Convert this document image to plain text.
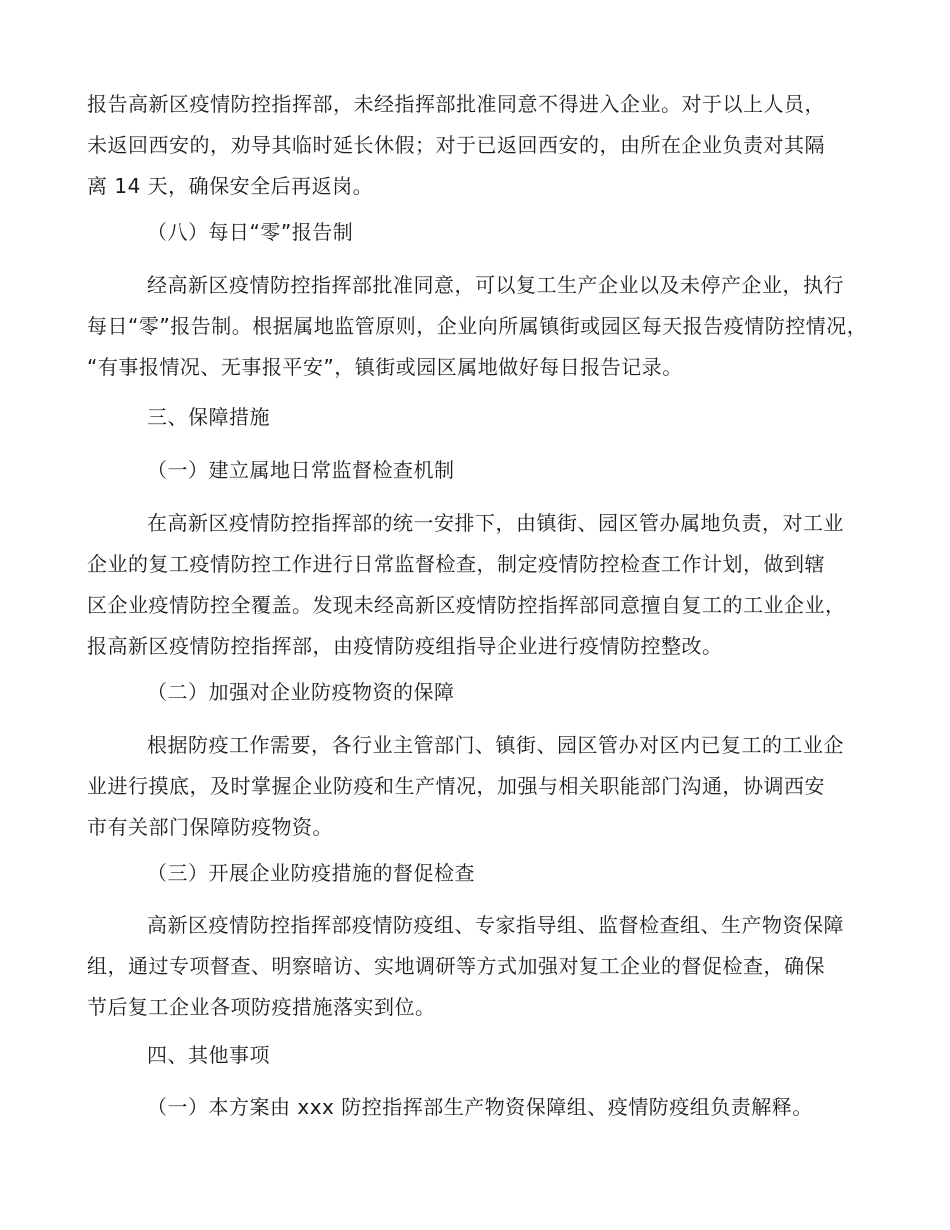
报告高新区疫情防控指挥部，未经指挥部批准同意不得进入企业。对于以上人员，
未返回西安的，劝导其临时延长休假；对于已返回西安的，由所在企业负责对其隔
离 14 天，确保安全后再返岗。

（八）每日“零”报告制

经高新区疫情防控指挥部批准同意，可以复工生产企业以及未停产企业，执行
每日“零”报告制。根据属地监管原则，企业向所属镇街或园区每天报告疫情防控情况，
“有事报情况、无事报平安”，镇街或园区属地做好每日报告记录。

三、保障措施

（一）建立属地日常监督检查机制

在高新区疫情防控指挥部的统一安排下，由镇街、园区管办属地负责，对工业
企业的复工疫情防控工作进行日常监督检查，制定疫情防控检查工作计划，做到辖
区企业疫情防控全覆盖。发现未经高新区疫情防控指挥部同意擅自复工的工业企业，
报高新区疫情防控指挥部，由疫情防疫组指导企业进行疫情防控整改。

（二）加强对企业防疫物资的保障

根据防疫工作需要，各行业主管部门、镇街、园区管办对区内已复工的工业企
业进行摸底，及时掌握企业防疫和生产情况，加强与相关职能部门沟通，协调西安
市有关部门保障防疫物资。

（三）开展企业防疫措施的督促检查

高新区疫情防控指挥部疫情防疫组、专家指导组、监督检查组、生产物资保障
组，通过专项督查、明察暗访、实地调研等方式加强对复工企业的督促检查，确保
节后复工企业各项防疫措施落实到位。

四、其他事项

（一）本方案由 xxx 防控指挥部生产物资保障组、疫情防疫组负责解释。
